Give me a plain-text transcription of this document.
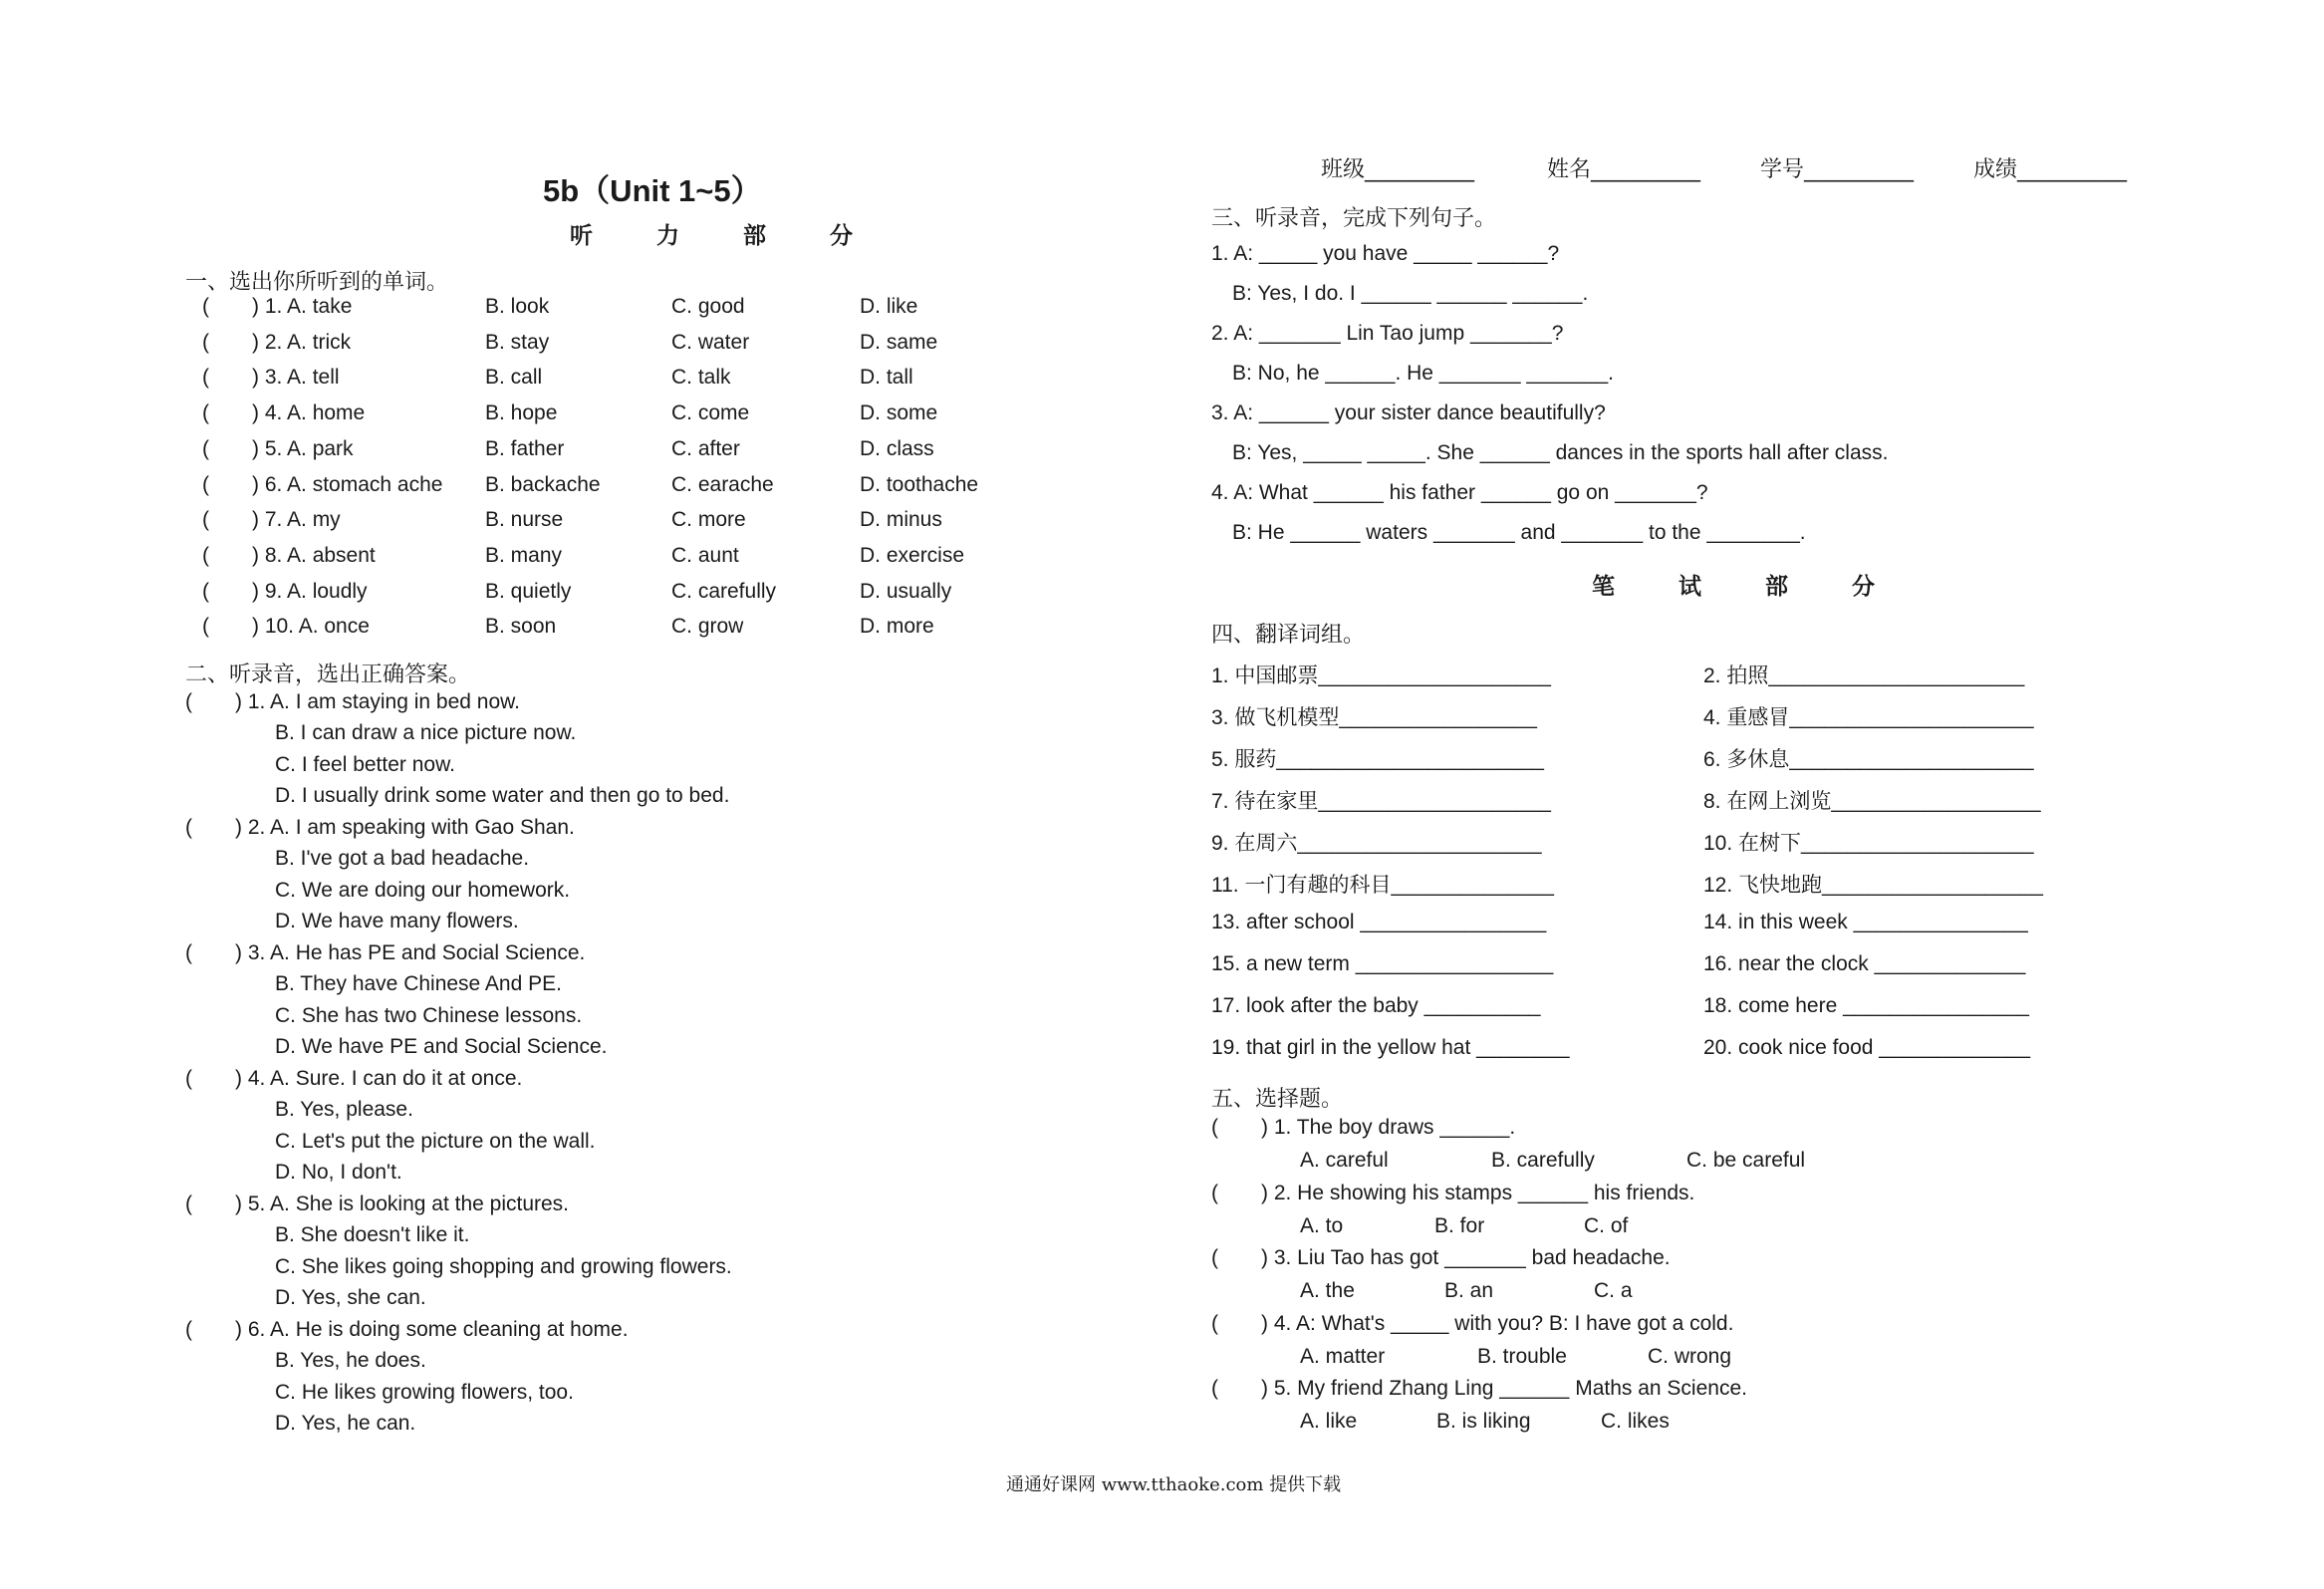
5b（Unit 1~5）
听 力 部 分
一、选出你所听到的单词。
( ) 1. A. take	B. look	C. good	D. like
( ) 2. A. trick	B. stay	C. water	D. same
( ) 3. A. tell	B. call	C. talk	D. tall
( ) 4. A. home	B. hope	C. come	D. some
( ) 5. A. park	B. father	C. after	D. class
( ) 6. A. stomach ache B. backache	C. earache	D. toothache
( ) 7. A. my	B. nurse	C. more	D. minus
( ) 8. A. absent	B. many	C. aunt	D. exercise
( ) 9. A. loudly	B. quietly	C. carefully	D. usually
( ) 10. A. once	B. soon	C. grow	D. more
二、听录音，选出正确答案。
( ) 1. A. I am staying in bed now.
B. I can draw a nice picture now.
C. I feel better now.
D. I usually drink some water and then go to bed.
( ) 2. A. I am speaking with Gao Shan.
B. I've got a bad headache.
C. We are doing our homework.
D. We have many flowers.
( ) 3. A. He has PE and Social Science.
B. They have Chinese And PE.
C. She has two Chinese lessons.
D. We have PE and Social Science.
( ) 4. A. Sure. I can do it at once.
B. Yes, please.
C. Let's put the picture on the wall.
D. No, I don't.
( ) 5. A. She is looking at the pictures.
B. She doesn't like it.
C. She likes going shopping and growing flowers.
D. Yes, she can.
( ) 6. A. He is doing some cleaning at home.
B. Yes, he does.
C. He likes growing flowers, too.
D. Yes, he can.
班级__________	姓名__________	学号__________	成绩__________
三、听录音，完成下列句子。
1. A: _____ you have _____ ______?
B: Yes, I do. I ______ ______ ______.
2. A: _______ Lin Tao jump _______?
B: No, he ______. He _______ _______.
3. A: ______ your sister dance beautifully?
B: Yes, _____ _____. She ______ dances in the sports hall after class.
4. A: What ______ his father ______ go on _______?
B: He ______ waters _______ and _______ to the ________.
笔 试 部 分
四、翻译词组。
1. 中国邮票____________________	2. 拍照______________________
3. 做飞机模型_________________	4. 重感冒_____________________
5. 服药_______________________	6. 多休息_____________________
7. 待在家里____________________	8. 在网上浏览__________________
9. 在周六_____________________	10. 在树下____________________
11. 一门有趣的科目______________	12. 飞快地跑___________________
13. after school ________________	14. in this week _______________
15. a new term _________________	16. near the clock _____________
17. look after the baby __________	18. come here ________________
19. that girl in the yellow hat ________	20. cook nice food _____________
五、选择题。
( ) 1. The boy draws ______.
A. careful	B. carefully	C. be careful
( ) 2. He showing his stamps ______ his friends.
A. to	B. for	C. of
( ) 3. Liu Tao has got _______ bad headache.
A. the	B. an	C. a
( ) 4. A: What's _____ with you? B: I have got a cold.
A. matter	B. trouble	C. wrong
( ) 5. My friend Zhang Ling ______ Maths an Science.
A. like	B. is liking	C. likes
通通好课网 www.tthaoke.com 提供下载
